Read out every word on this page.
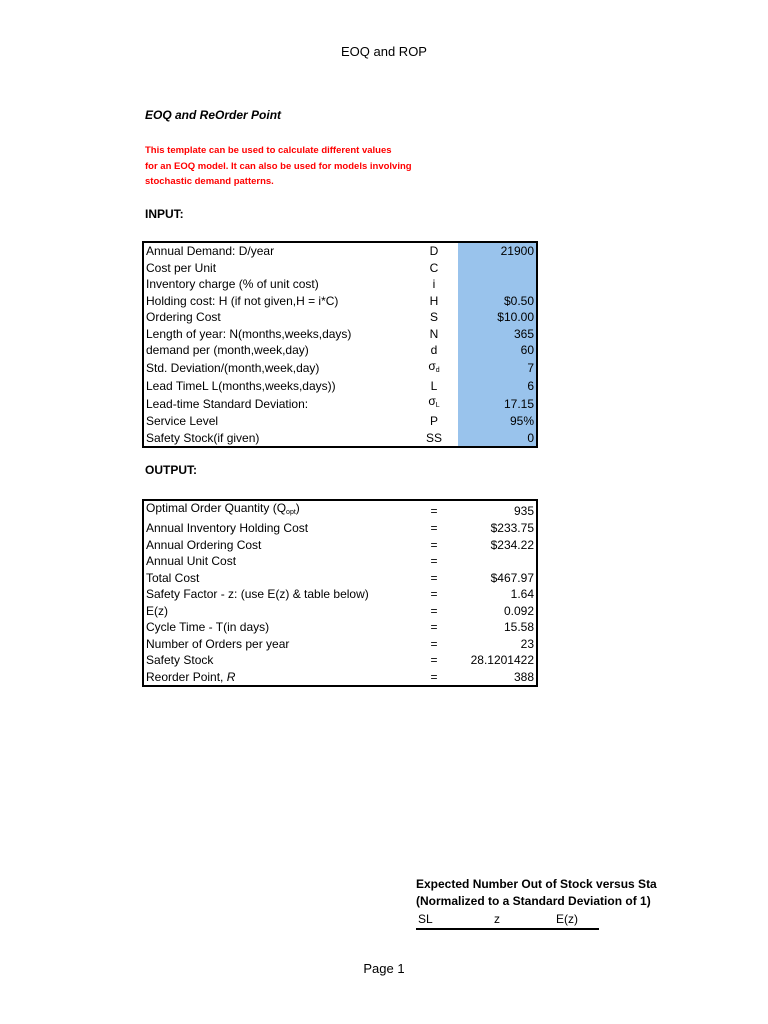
EOQ and ROP
EOQ and ReOrder Point
This template can be used to calculate different values
for an EOQ model. It can also be used for models involving
stochastic demand patterns.
INPUT:
Annual Demand: D/year	D	21900
Cost per Unit	C	
Inventory charge (% of unit cost)	i	
Holding cost: H (if not given,H = i*C)	H	$0.50
Ordering Cost	S	$10.00
Length of year: N(months,weeks,days)	N	365
demand per (month,week,day)	d	60
Std. Deviation/(month,week,day)	$\sigma_d$	7
Lead TimeL L(months,weeks,days))	L	6
Lead-time Standard Deviation:	$\sigma_L$	17.15
Service Level	P	95%
Safety Stock(if given)	SS	0
OUTPUT:
Optimal Order Quantity $(Q_{opt})$	=	935
Annual Inventory Holding Cost	=	$233.75
Annual Ordering Cost	=	$234.22
Annual Unit Cost	=	
Total Cost	=	$467.97
Safety Factor - z: (use E(z) & table below)	=	1.64
E(z)	=	0.092
Cycle Time - T(in days)	=	15.58
Number of Orders per year	=	23
Safety Stock	=	28.1201422
Reorder Point, R	=	388
Expected Number Out of Stock versus Sta
(Normalized to a Standard Deviation of 1)
SL	z	E(z)
Page 1
